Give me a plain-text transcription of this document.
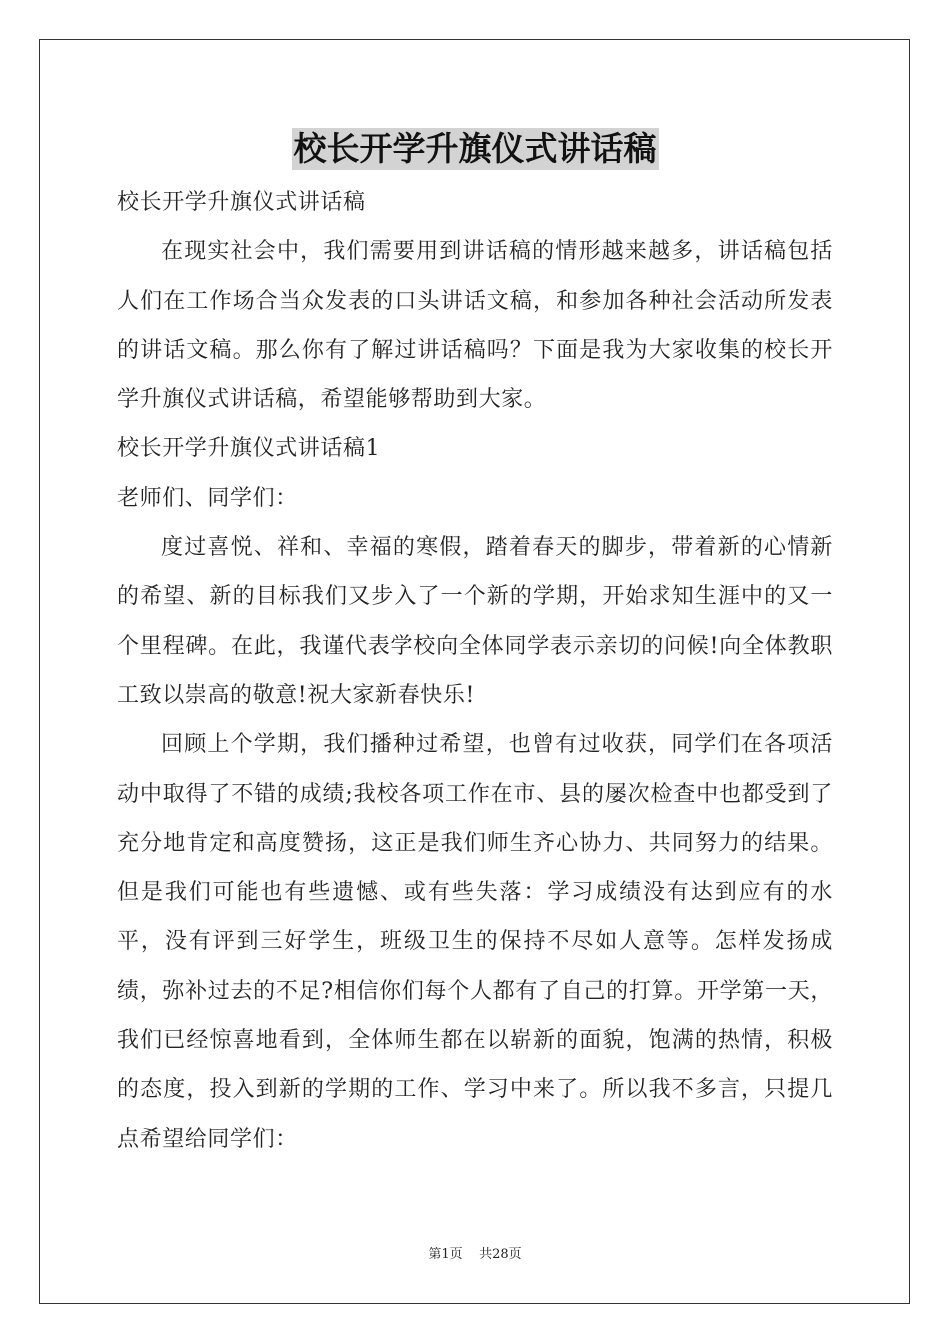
校长开学升旗仪式讲话稿

校长开学升旗仪式讲话稿

在现实社会中，我们需要用到讲话稿的情形越来越多，讲话稿包括人们在工作场合当众发表的口头讲话文稿，和参加各种社会活动所发表的讲话文稿。那么你有了解过讲话稿吗？下面是我为大家收集的校长开学升旗仪式讲话稿，希望能够帮助到大家。

校长开学升旗仪式讲话稿1

老师们、同学们：

度过喜悦、祥和、幸福的寒假，踏着春天的脚步，带着新的心情新的希望、新的目标我们又步入了一个新的学期，开始求知生涯中的又一个里程碑。在此，我谨代表学校向全体同学表示亲切的问候!向全体教职工致以崇高的敬意!祝大家新春快乐!

回顾上个学期，我们播种过希望，也曾有过收获，同学们在各项活动中取得了不错的成绩;我校各项工作在市、县的屡次检查中也都受到了充分地肯定和高度赞扬，这正是我们师生齐心协力、共同努力的结果。但是我们可能也有些遗憾、或有些失落：学习成绩没有达到应有的水平，没有评到三好学生，班级卫生的保持不尽如人意等。怎样发扬成绩，弥补过去的不足?相信你们每个人都有了自己的打算。开学第一天，我们已经惊喜地看到，全体师生都在以崭新的面貌，饱满的热情，积极的态度，投入到新的学期的工作、学习中来了。所以我不多言，只提几点希望给同学们：

第1页 共28页
